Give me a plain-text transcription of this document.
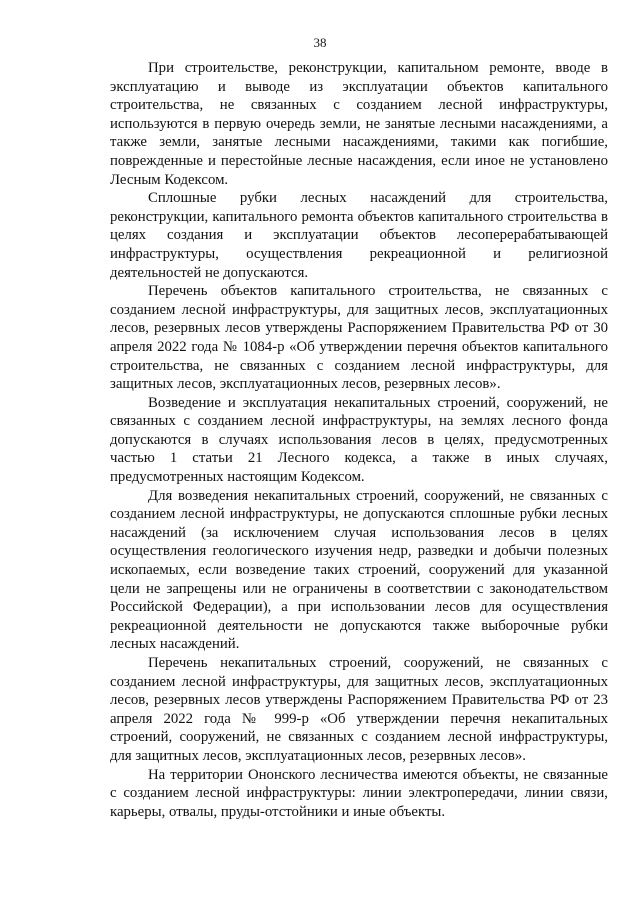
38

При строительстве, реконструкции, капитальном ремонте, вводе в эксплуатацию и выводе из эксплуатации объектов капитального строительства, не связанных с созданием лесной инфраструктуры, используются в первую очередь земли, не занятые лесными насаждениями, а также земли, занятые лесными насаждениями, такими как погибшие, поврежденные и перестойные лесные насаждения, если иное не установлено Лесным Кодексом.

Сплошные рубки лесных насаждений для строительства, реконструкции, капитального ремонта объектов капитального строительства в целях создания и эксплуатации объектов лесоперерабатывающей инфраструктуры, осуществления рекреационной и религиозной деятельностей не допускаются.

Перечень объектов капитального строительства, не связанных с созданием лесной инфраструктуры, для защитных лесов, эксплуатационных лесов, резервных лесов утверждены Распоряжением Правительства РФ от 30 апреля 2022 года № 1084-р «Об утверждении перечня объектов капитального строительства, не связанных с созданием лесной инфраструктуры, для защитных лесов, эксплуатационных лесов, резервных лесов».

Возведение и эксплуатация некапитальных строений, сооружений, не связанных с созданием лесной инфраструктуры, на землях лесного фонда допускаются в случаях использования лесов в целях, предусмотренных частью 1 статьи 21 Лесного кодекса, а также в иных случаях, предусмотренных настоящим Кодексом.

Для возведения некапитальных строений, сооружений, не связанных с созданием лесной инфраструктуры, не допускаются сплошные рубки лесных насаждений (за исключением случая использования лесов в целях осуществления геологического изучения недр, разведки и добычи полезных ископаемых, если возведение таких строений, сооружений для указанной цели не запрещены или не ограничены в соответствии с законодательством Российской Федерации), а при использовании лесов для осуществления рекреационной деятельности не допускаются также выборочные рубки лесных насаждений.

Перечень некапитальных строений, сооружений, не связанных с созданием лесной инфраструктуры, для защитных лесов, эксплуатационных лесов, резервных лесов утверждены Распоряжением Правительства РФ от 23 апреля 2022 года № 999-р «Об утверждении перечня некапитальных строений, сооружений, не связанных с созданием лесной инфраструктуры, для защитных лесов, эксплуатационных лесов, резервных лесов».

На территории Ононского лесничества имеются объекты, не связанные с созданием лесной инфраструктуры: линии электропередачи, линии связи, карьеры, отвалы, пруды-отстойники и иные объекты.
